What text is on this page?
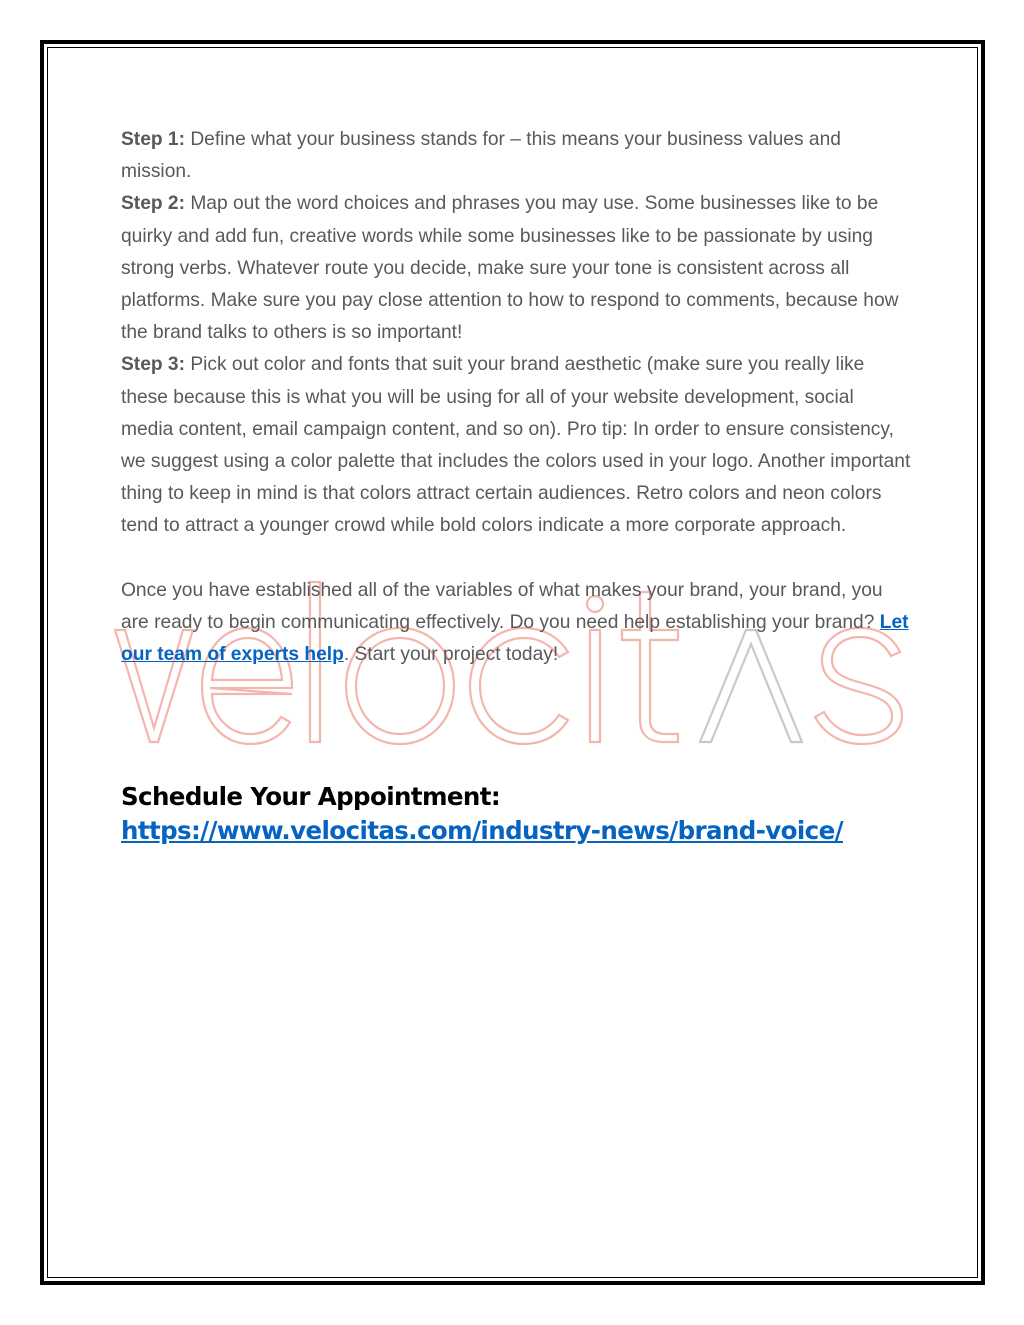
Step 1: Define what your business stands for – this means your business values and mission.

Step 2: Map out the word choices and phrases you may use. Some businesses like to be quirky and add fun, creative words while some businesses like to be passionate by using strong verbs. Whatever route you decide, make sure your tone is consistent across all platforms. Make sure you pay close attention to how to respond to comments, because how the brand talks to others is so important!

Step 3: Pick out color and fonts that suit your brand aesthetic (make sure you really like these because this is what you will be using for all of your website development, social media content, email campaign content, and so on). Pro tip: In order to ensure consistency, we suggest using a color palette that includes the colors used in your logo. Another important thing to keep in mind is that colors attract certain audiences. Retro colors and neon colors tend to attract a younger crowd while bold colors indicate a more corporate approach.

Once you have established all of the variables of what makes your brand, your brand, you are ready to begin communicating effectively. Do you need help establishing your brand? Let our team of experts help. Start your project today!

Schedule Your Appointment: https://www.velocitas.com/industry-news/brand-voice/
